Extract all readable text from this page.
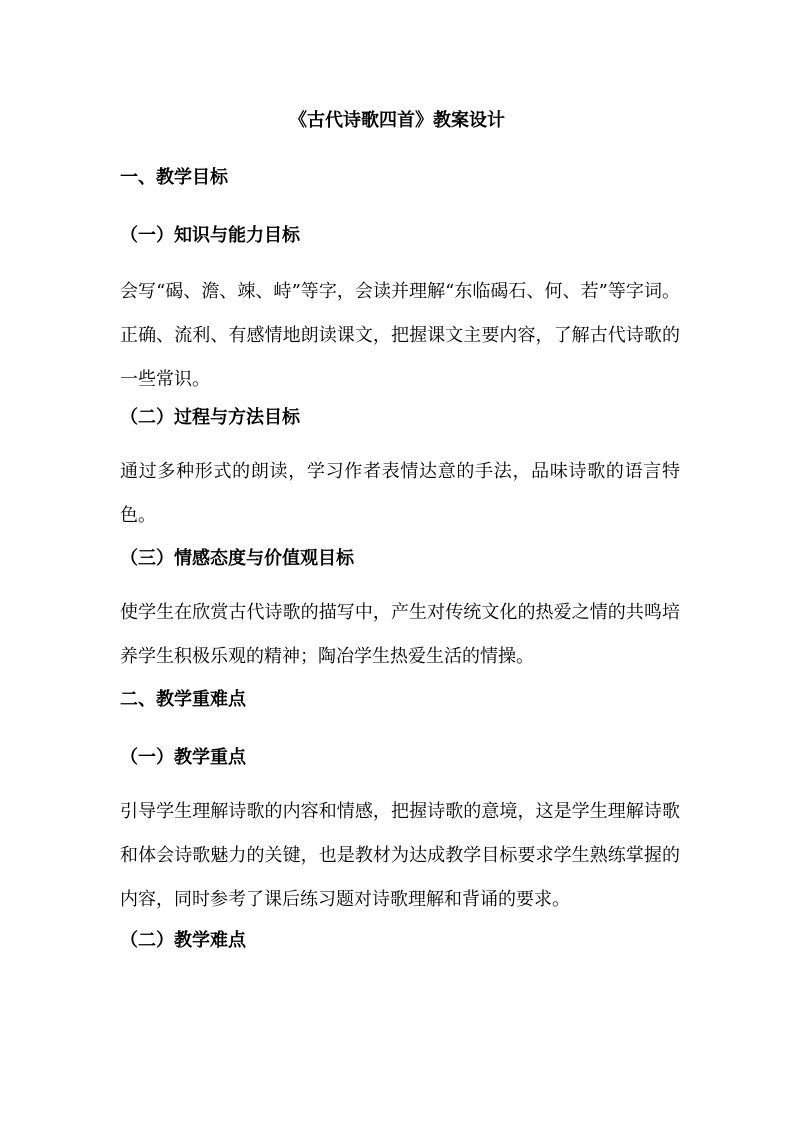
《古代诗歌四首》教案设计
一、教学目标
（一）知识与能力目标
会写“碣、澹、竦、峙”等字，会读并理解“东临碣石、何、若”等字词。正确、流利、有感情地朗读课文，把握课文主要内容，了解古代诗歌的一些常识。
（二）过程与方法目标
通过多种形式的朗读，学习作者表情达意的手法，品味诗歌的语言特色。
（三）情感态度与价值观目标
使学生在欣赏古代诗歌的描写中，产生对传统文化的热爱之情的共鸣培养学生积极乐观的精神；陶冶学生热爱生活的情操。
二、教学重难点
（一）教学重点
引导学生理解诗歌的内容和情感，把握诗歌的意境，这是学生理解诗歌和体会诗歌魅力的关键，也是教材为达成教学目标要求学生熟练掌握的内容，同时参考了课后练习题对诗歌理解和背诵的要求。
（二）教学难点
